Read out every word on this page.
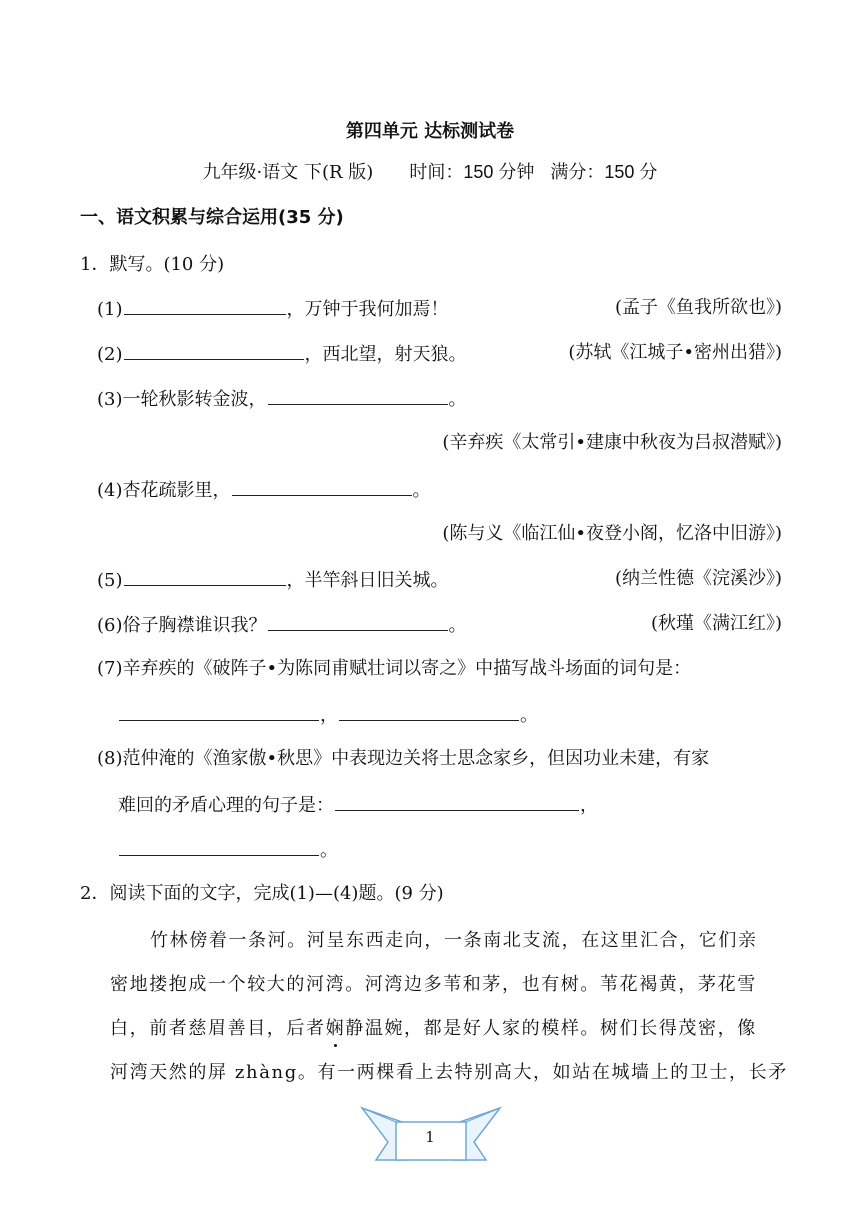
第四单元 达标测试卷
九年级·语文 下(R 版) 时间：150 分钟 满分：150 分
一、语文积累与综合运用(35 分)
1．默写。(10 分)
(1)	，万钟于我何加焉！	(孟子《鱼我所欲也》)
(2)	，西北望，射天狼。	(苏轼《江城子•密州出猎》)
(3)一轮秋影转金波，	。
(辛弃疾《太常引•建康中秋夜为吕叔潜赋》)
(4)杏花疏影里，	。
(陈与义《临江仙•夜登小阁，忆洛中旧游》)
(5)	，半竿斜日旧关城。	(纳兰性德《浣溪沙》)
(6)俗子胸襟谁识我？	。	(秋瑾《满江红》)
(7)辛弃疾的《破阵子•为陈同甫赋壮词以寄之》中描写战斗场面的词句是：
，	。
(8)范仲淹的《渔家傲•秋思》中表现边关将士思念家乡，但因功业未建，有家
难回的矛盾心理的句子是：	，
。
2．阅读下面的文字，完成(1)—(4)题。(9 分)
竹林傍着一条河。河呈东西走向，一条南北支流，在这里汇合，它们亲
密地搂抱成一个较大的河湾。河湾边多苇和茅，也有树。苇花褐黄，茅花雪
白，前者慈眉善目，后者娴静温婉，都是好人家的模样。树们长得茂密，像
河湾天然的屏 zhàng。有一两棵看上去特别高大，如站在城墙上的卫士，长矛
1
